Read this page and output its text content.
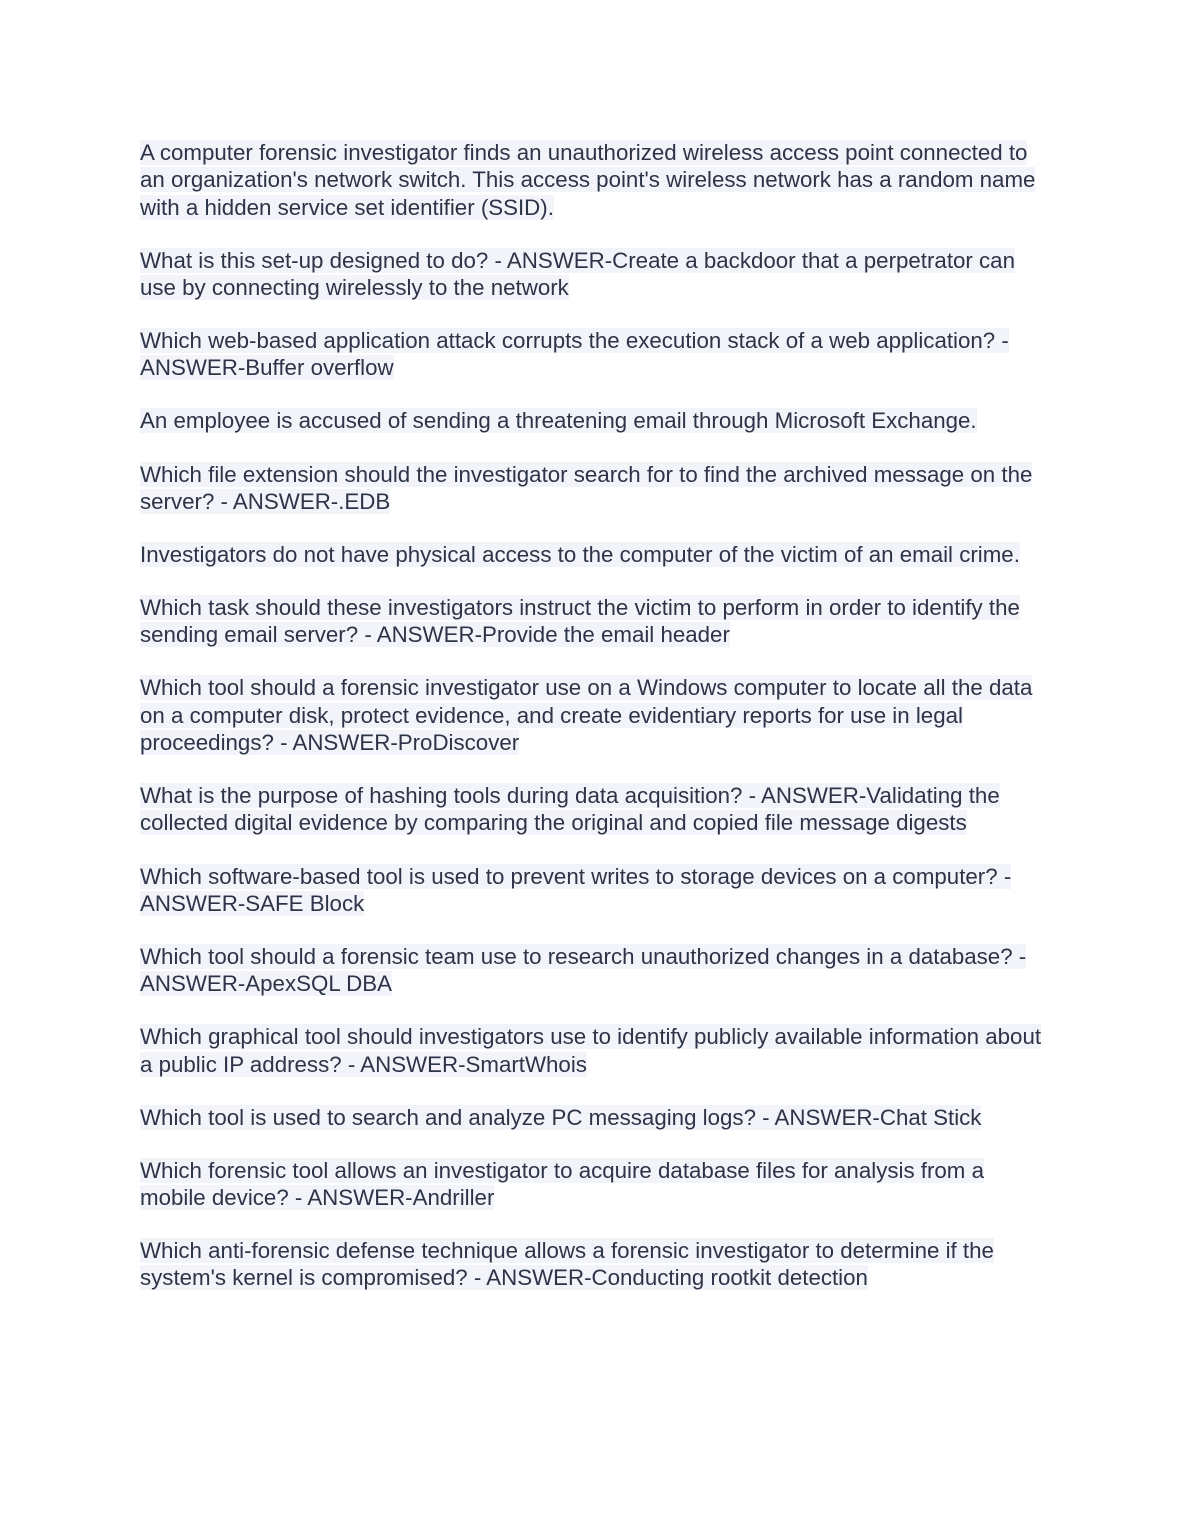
A computer forensic investigator finds an unauthorized wireless access point connected to an organization's network switch. This access point's wireless network has a random name with a hidden service set identifier (SSID).

What is this set-up designed to do? - ANSWER-Create a backdoor that a perpetrator can use by connecting wirelessly to the network

Which web-based application attack corrupts the execution stack of a web application? - ANSWER-Buffer overflow

An employee is accused of sending a threatening email through Microsoft Exchange.

Which file extension should the investigator search for to find the archived message on the server? - ANSWER-.EDB

Investigators do not have physical access to the computer of the victim of an email crime.

Which task should these investigators instruct the victim to perform in order to identify the sending email server? - ANSWER-Provide the email header

Which tool should a forensic investigator use on a Windows computer to locate all the data on a computer disk, protect evidence, and create evidentiary reports for use in legal proceedings? - ANSWER-ProDiscover

What is the purpose of hashing tools during data acquisition? - ANSWER-Validating the collected digital evidence by comparing the original and copied file message digests

Which software-based tool is used to prevent writes to storage devices on a computer? - ANSWER-SAFE Block

Which tool should a forensic team use to research unauthorized changes in a database? - ANSWER-ApexSQL DBA

Which graphical tool should investigators use to identify publicly available information about a public IP address? - ANSWER-SmartWhois

Which tool is used to search and analyze PC messaging logs? - ANSWER-Chat Stick

Which forensic tool allows an investigator to acquire database files for analysis from a mobile device? - ANSWER-Andriller

Which anti-forensic defense technique allows a forensic investigator to determine if the system's kernel is compromised? - ANSWER-Conducting rootkit detection
